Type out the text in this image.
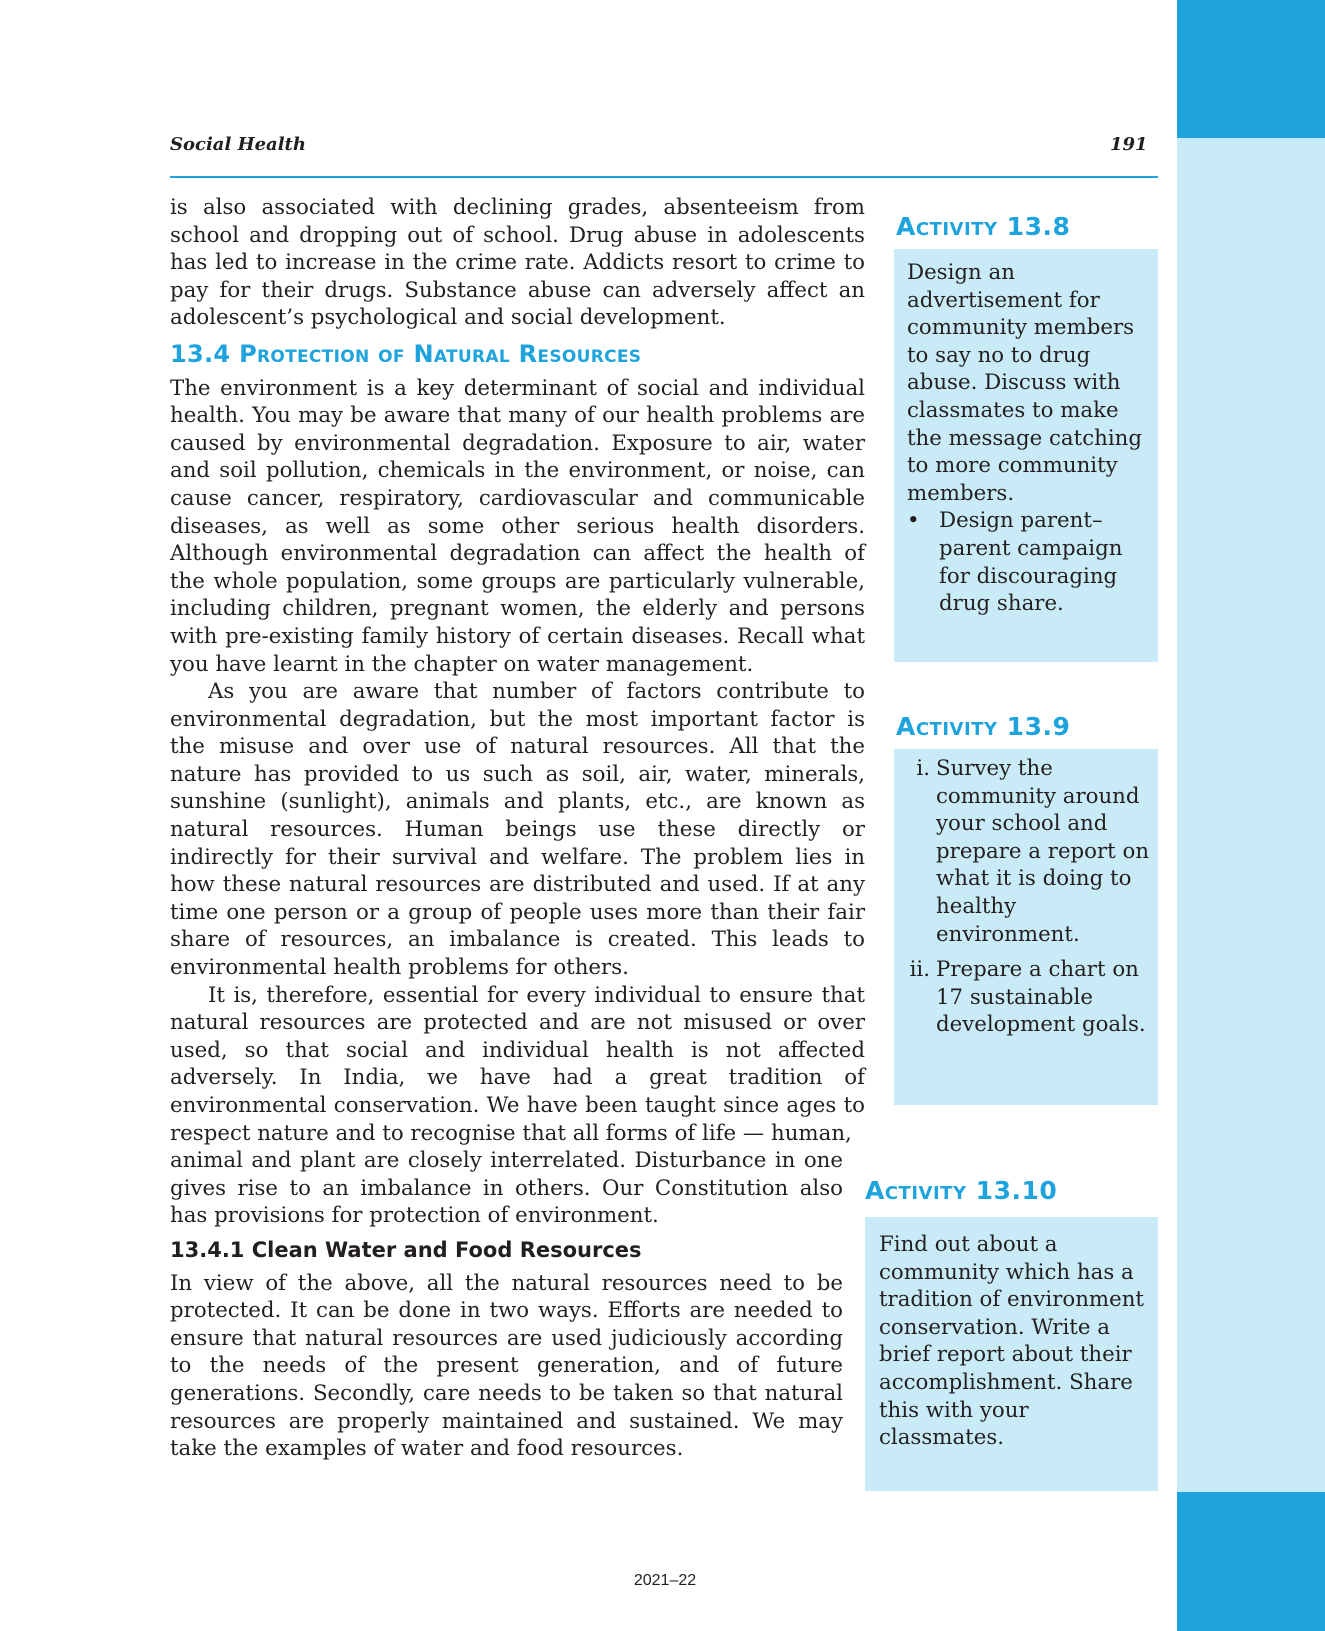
Social Health	191

is also associated with declining grades, absenteeism from school and dropping out of school. Drug abuse in adolescents has led to increase in the crime rate. Addicts resort to crime to pay for their drugs. Substance abuse can adversely affect an adolescent’s psychological and social development.

13.4 Protection of Natural Resources

The environment is a key determinant of social and individual health. You may be aware that many of our health problems are caused by environmental degradation. Exposure to air, water and soil pollution, chemicals in the environment, or noise, can cause cancer, respiratory, cardiovascular and communicable diseases, as well as some other serious health disorders. Although environmental degradation can affect the health of the whole population, some groups are particularly vulnerable, including children, pregnant women, the elderly and persons with pre-existing family history of certain diseases. Recall what you have learnt in the chapter on water management.

As you are aware that number of factors contribute to environmental degradation, but the most important factor is the misuse and over use of natural resources. All that the nature has provided to us such as soil, air, water, minerals, sunshine (sunlight), animals and plants, etc., are known as natural resources. Human beings use these directly or indirectly for their survival and welfare. The problem lies in how these natural resources are distributed and used. If at any time one person or a group of people uses more than their fair share of resources, an imbalance is created. This leads to environmental health problems for others.

It is, therefore, essential for every individual to ensure that natural resources are protected and are not misused or over used, so that social and individual health is not affected adversely. In India, we have had a great tradition of environmental conservation. We have been taught since ages to respect nature and to recognise that all forms of life — human,

animal and plant are closely interrelated. Disturbance in one gives rise to an imbalance in others. Our Constitution also has provisions for protection of environment.

13.4.1 Clean Water and Food Resources

In view of the above, all the natural resources need to be protected. It can be done in two ways. Efforts are needed to ensure that natural resources are used judiciously according to the needs of the present generation, and of future generations. Secondly, care needs to be taken so that natural resources are properly maintained and sustained. We may take the examples of water and food resources.

Activity 13.8

Design an advertisement for community members to say no to drug abuse. Discuss with classmates to make the message catching to more community members.

• Design parent–parent campaign for discouraging drug share.
Activity 13.9
i. Survey the community around your school and prepare a report on what it is doing to healthy environment.
ii. Prepare a chart on 17 sustainable development goals.
Activity 13.10

Find out about a community which has a tradition of environment conservation. Write a brief report about their accomplishment. Share this with your classmates.

2021–22
